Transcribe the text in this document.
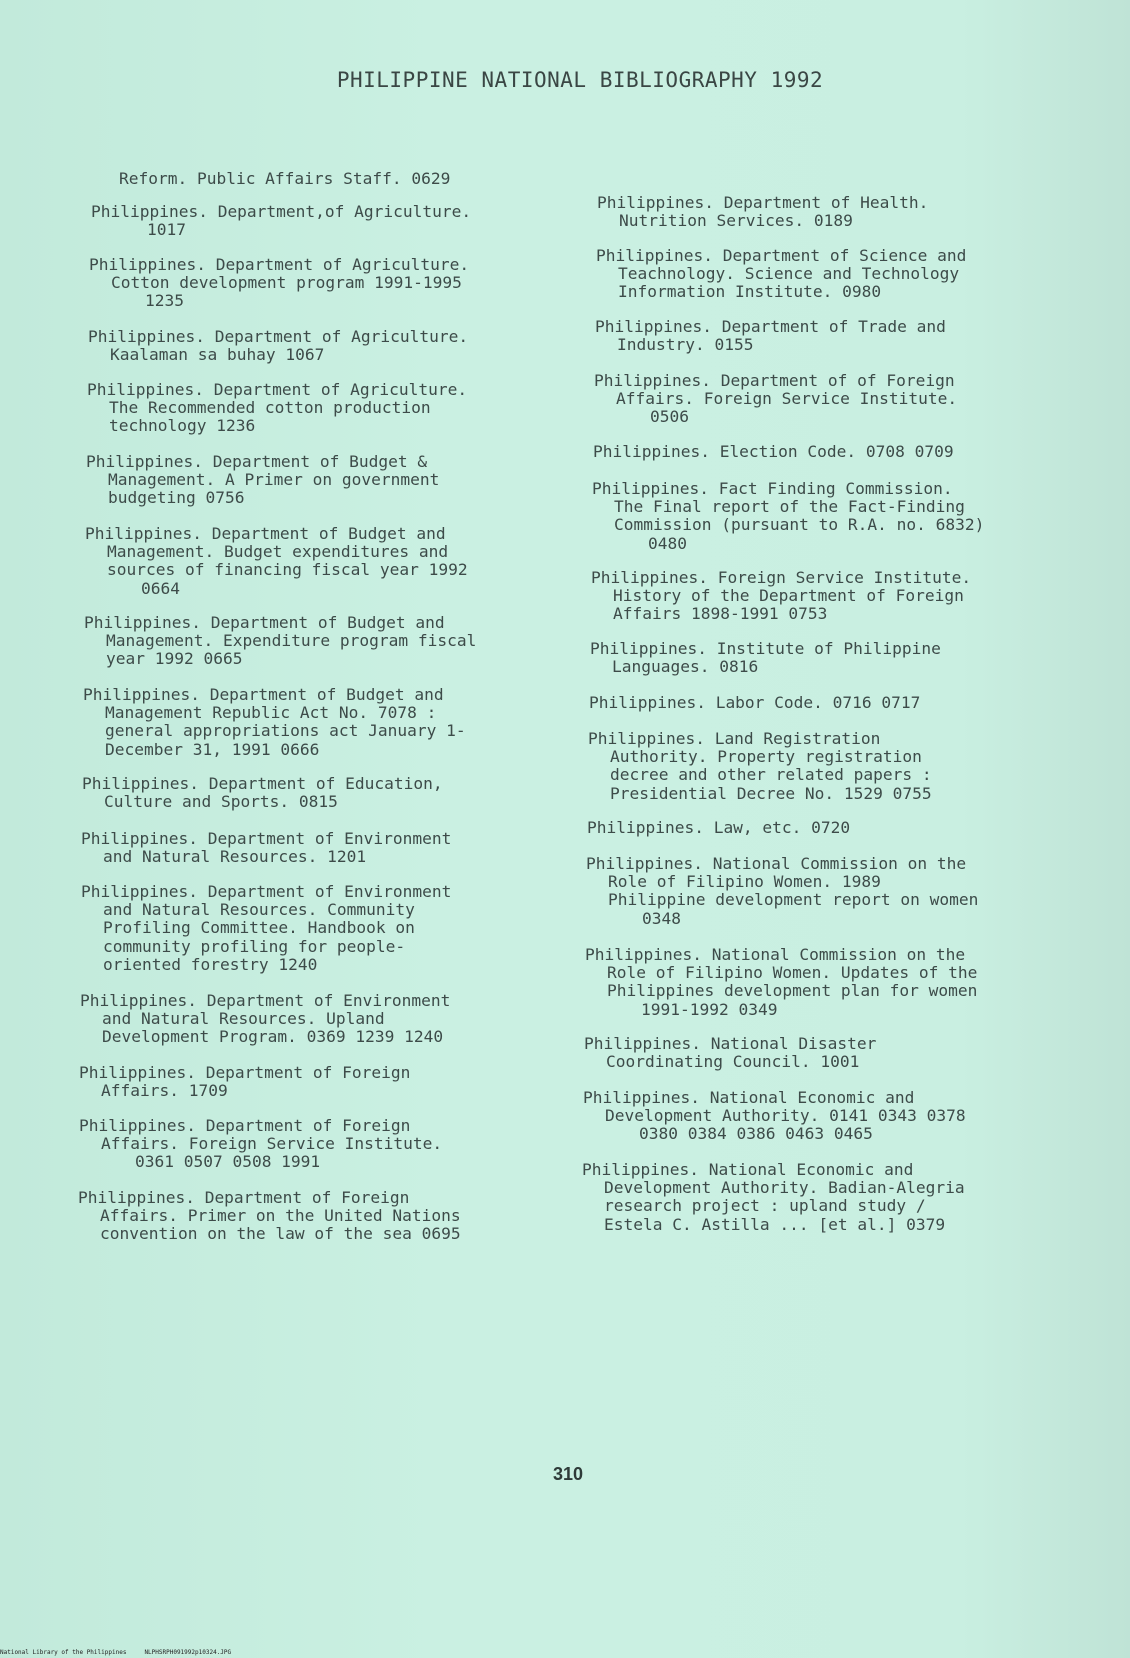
PHILIPPINE NATIONAL BIBLIOGRAPHY 1992
Reform. Public Affairs Staff. 0629
Philippines. Department,of Agriculture.
1017
Philippines. Department of Agriculture.
Cotton development program 1991-1995
1235
Philippines. Department of Agriculture.
Kaalaman sa buhay 1067
Philippines. Department of Agriculture.
The Recommended cotton production
technology 1236
Philippines. Department of Budget &
Management. A Primer on government
budgeting 0756
Philippines. Department of Budget and
Management. Budget expenditures and
sources of financing fiscal year 1992
0664
Philippines. Department of Budget and
Management. Expenditure program fiscal
year 1992 0665
Philippines. Department of Budget and
Management Republic Act No. 7078 :
general appropriations act January 1-
December 31, 1991 0666
Philippines. Department of Education,
Culture and Sports. 0815
Philippines. Department of Environment
and Natural Resources. 1201
Philippines. Department of Environment
and Natural Resources. Community
Profiling Committee. Handbook on
community profiling for people-
oriented forestry 1240
Philippines. Department of Environment
and Natural Resources. Upland
Development Program. 0369 1239 1240
Philippines. Department of Foreign
Affairs. 1709
Philippines. Department of Foreign
Affairs. Foreign Service Institute.
0361 0507 0508 1991
Philippines. Department of Foreign
Affairs. Primer on the United Nations
convention on the law of the sea 0695
Philippines. Department of Health.
Nutrition Services. 0189
Philippines. Department of Science and
Teachnology. Science and Technology
Information Institute. 0980
Philippines. Department of Trade and
Industry. 0155
Philippines. Department of of Foreign
Affairs. Foreign Service Institute.
0506
Philippines. Election Code. 0708 0709
Philippines. Fact Finding Commission.
The Final report of the Fact-Finding
Commission (pursuant to R.A. no. 6832)
0480
Philippines. Foreign Service Institute.
History of the Department of Foreign
Affairs 1898-1991 0753
Philippines. Institute of Philippine
Languages. 0816
Philippines. Labor Code. 0716 0717
Philippines. Land Registration
Authority. Property registration
decree and other related papers :
Presidential Decree No. 1529 0755
Philippines. Law, etc. 0720
Philippines. National Commission on the
Role of Filipino Women. 1989
Philippine development report on women
0348
Philippines. National Commission on the
Role of Filipino Women. Updates of the
Philippines development plan for women
1991-1992 0349
Philippines. National Disaster
Coordinating Council. 1001
Philippines. National Economic and
Development Authority. 0141 0343 0378
0380 0384 0386 0463 0465
Philippines. National Economic and
Development Authority. Badian-Alegria
research project : upland study /
Estela C. Astilla ... [et al.] 0379
310
National Library of the Philippines	NLPHSRPH091992p10324.JPG
